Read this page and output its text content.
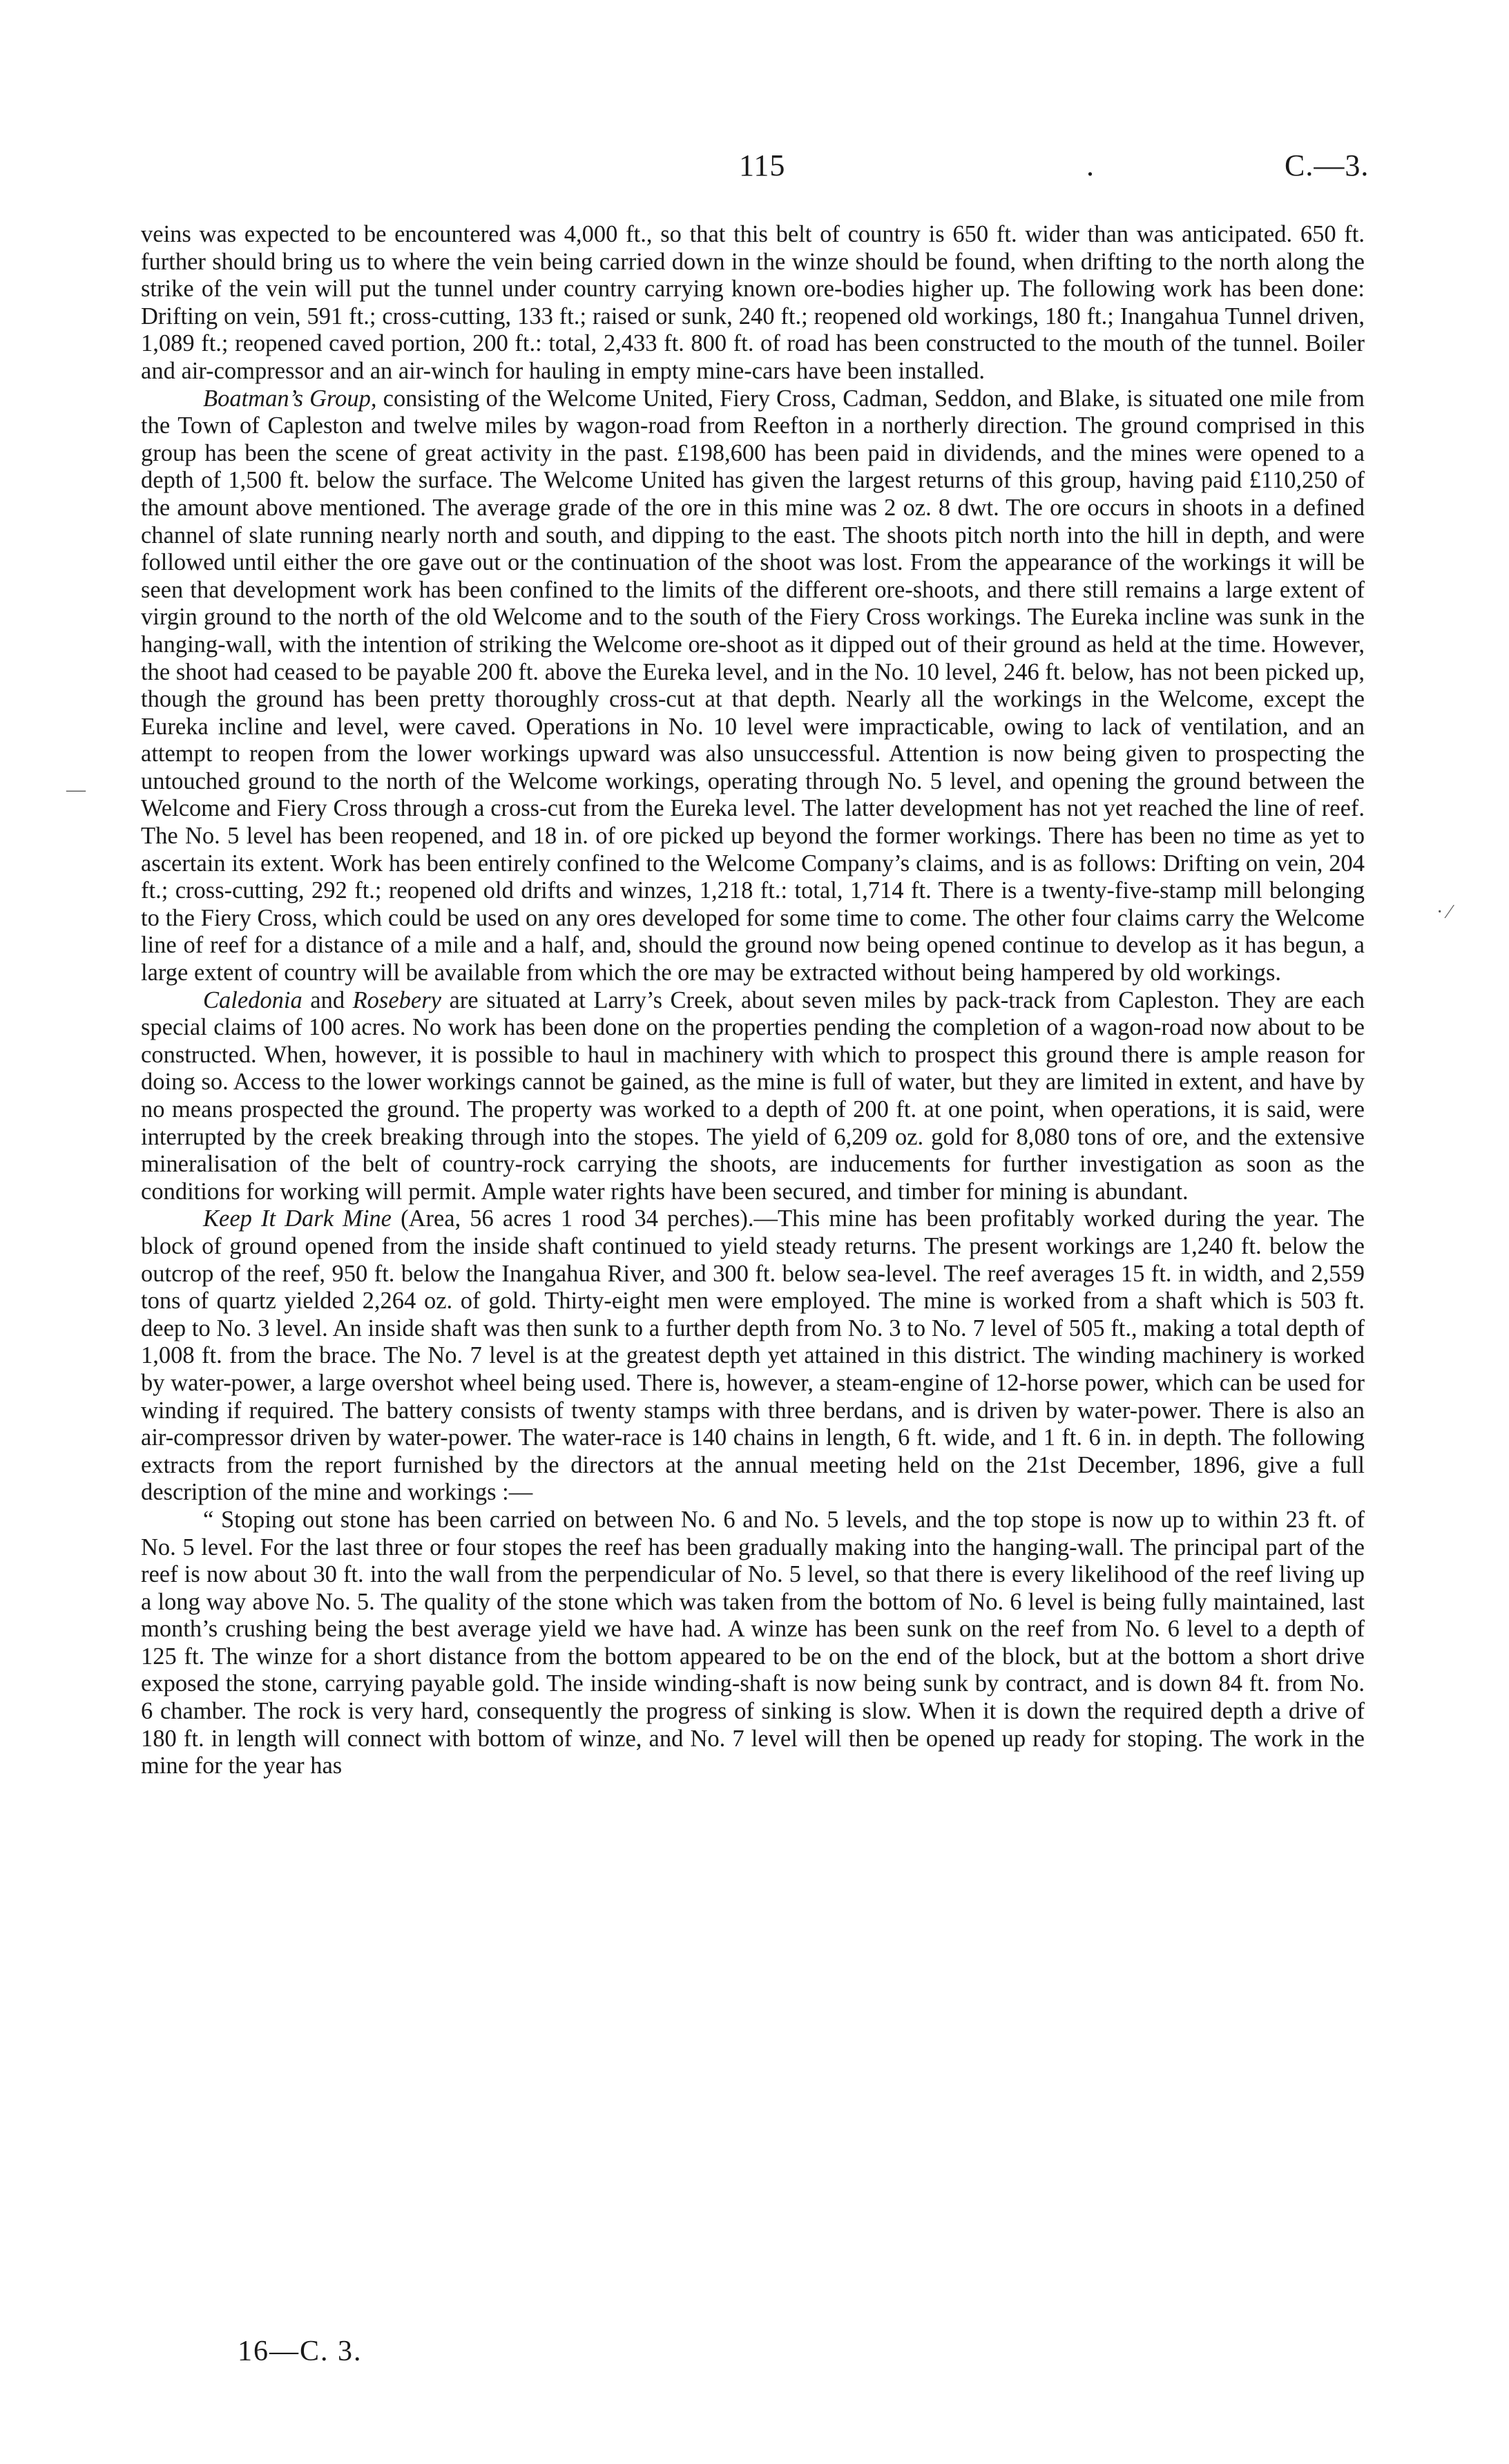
115	.	C.—3.
—
· ⁄

veins was expected to be encountered was 4,000 ft., so that this belt of country is 650 ft. wider than was anticipated. 650 ft. further should bring us to where the vein being carried down in the winze should be found, when drifting to the north along the strike of the vein will put the tunnel under country carrying known ore-bodies higher up. The following work has been done: Drifting on vein, 591 ft.; cross-cutting, 133 ft.; raised or sunk, 240 ft.; reopened old workings, 180 ft.; Inangahua Tunnel driven, 1,089 ft.; reopened caved portion, 200 ft.: total, 2,433 ft. 800 ft. of road has been constructed to the mouth of the tunnel. Boiler and air-compressor and an air-winch for hauling in empty mine-cars have been installed.

Boatman’s Group, consisting of the Welcome United, Fiery Cross, Cadman, Seddon, and Blake, is situated one mile from the Town of Capleston and twelve miles by wagon-road from Reefton in a northerly direction. The ground comprised in this group has been the scene of great activity in the past. £198,600 has been paid in dividends, and the mines were opened to a depth of 1,500 ft. below the surface. The Welcome United has given the largest returns of this group, having paid £110,250 of the amount above mentioned. The average grade of the ore in this mine was 2 oz. 8 dwt. The ore occurs in shoots in a defined channel of slate running nearly north and south, and dipping to the east. The shoots pitch north into the hill in depth, and were followed until either the ore gave out or the continuation of the shoot was lost. From the appearance of the workings it will be seen that development work has been confined to the limits of the different ore-shoots, and there still remains a large extent of virgin ground to the north of the old Welcome and to the south of the Fiery Cross workings. The Eureka incline was sunk in the hanging-wall, with the intention of striking the Welcome ore-shoot as it dipped out of their ground as held at the time. However, the shoot had ceased to be payable 200 ft. above the Eureka level, and in the No. 10 level, 246 ft. below, has not been picked up, though the ground has been pretty thoroughly cross-cut at that depth. Nearly all the workings in the Welcome, except the Eureka incline and level, were caved. Operations in No. 10 level were impracticable, owing to lack of ventilation, and an attempt to reopen from the lower workings upward was also unsuccessful. Attention is now being given to prospecting the untouched ground to the north of the Welcome workings, operating through No. 5 level, and opening the ground between the Welcome and Fiery Cross through a cross-cut from the Eureka level. The latter development has not yet reached the line of reef. The No. 5 level has been reopened, and 18 in. of ore picked up beyond the former workings. There has been no time as yet to ascertain its extent. Work has been entirely confined to the Welcome Company’s claims, and is as follows: Drifting on vein, 204 ft.; cross-cutting, 292 ft.; reopened old drifts and winzes, 1,218 ft.: total, 1,714 ft. There is a twenty-five-stamp mill belonging to the Fiery Cross, which could be used on any ores developed for some time to come. The other four claims carry the Welcome line of reef for a distance of a mile and a half, and, should the ground now being opened continue to develop as it has begun, a large extent of country will be available from which the ore may be extracted without being hampered by old workings.

Caledonia and Rosebery are situated at Larry’s Creek, about seven miles by pack-track from Capleston. They are each special claims of 100 acres. No work has been done on the properties pending the completion of a wagon-road now about to be constructed. When, however, it is possible to haul in machinery with which to prospect this ground there is ample reason for doing so. Access to the lower workings cannot be gained, as the mine is full of water, but they are limited in extent, and have by no means prospected the ground. The property was worked to a depth of 200 ft. at one point, when operations, it is said, were interrupted by the creek breaking through into the stopes. The yield of 6,209 oz. gold for 8,080 tons of ore, and the extensive mineralisation of the belt of country-rock carrying the shoots, are inducements for further investigation as soon as the conditions for working will permit. Ample water rights have been secured, and timber for mining is abundant.

Keep It Dark Mine (Area, 56 acres 1 rood 34 perches).—This mine has been profitably worked during the year. The block of ground opened from the inside shaft continued to yield steady returns. The present workings are 1,240 ft. below the outcrop of the reef, 950 ft. below the Inangahua River, and 300 ft. below sea-level. The reef averages 15 ft. in width, and 2,559 tons of quartz yielded 2,264 oz. of gold. Thirty-eight men were employed. The mine is worked from a shaft which is 503 ft. deep to No. 3 level. An inside shaft was then sunk to a further depth from No. 3 to No. 7 level of 505 ft., making a total depth of 1,008 ft. from the brace. The No. 7 level is at the greatest depth yet attained in this district. The winding machinery is worked by water-power, a large overshot wheel being used. There is, however, a steam-engine of 12-horse power, which can be used for winding if required. The battery consists of twenty stamps with three berdans, and is driven by water-power. There is also an air-compressor driven by water-power. The water-race is 140 chains in length, 6 ft. wide, and 1 ft. 6 in. in depth. The following extracts from the report furnished by the directors at the annual meeting held on the 21st December, 1896, give a full description of the mine and workings :—

“ Stoping out stone has been carried on between No. 6 and No. 5 levels, and the top stope is now up to within 23 ft. of No. 5 level. For the last three or four stopes the reef has been gradually making into the hanging-wall. The principal part of the reef is now about 30 ft. into the wall from the perpendicular of No. 5 level, so that there is every likelihood of the reef living up a long way above No. 5. The quality of the stone which was taken from the bottom of No. 6 level is being fully maintained, last month’s crushing being the best average yield we have had. A winze has been sunk on the reef from No. 6 level to a depth of 125 ft. The winze for a short distance from the bottom appeared to be on the end of the block, but at the bottom a short drive exposed the stone, carrying payable gold. The inside winding-shaft is now being sunk by contract, and is down 84 ft. from No. 6 chamber. The rock is very hard, consequently the progress of sinking is slow. When it is down the required depth a drive of 180 ft. in length will connect with bottom of winze, and No. 7 level will then be opened up ready for stoping. The work in the mine for the year has

16—C. 3.
